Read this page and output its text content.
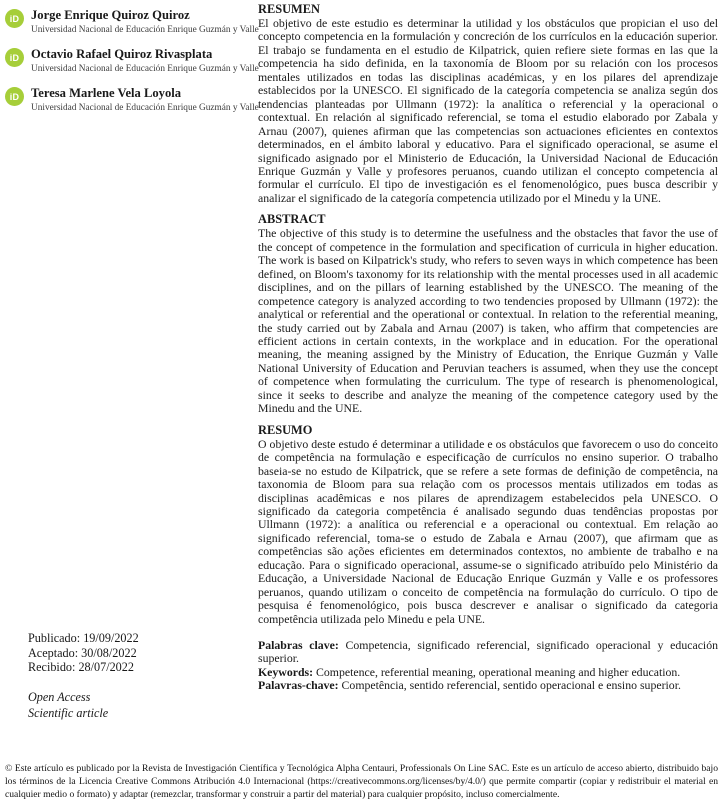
iD Jorge Enrique Quiroz Quiroz
Universidad Nacional de Educación Enrique Guzmán y Valle
iD Octavio Rafael Quiroz Rivasplata
Universidad Nacional de Educación Enrique Guzmán y Valle
iD Teresa Marlene Vela Loyola
Universidad Nacional de Educación Enrique Guzmán y Valle
Publicado: 19/09/2022
Aceptado: 30/08/2022
Recibido: 28/07/2022
Open Access
Scientific article
RESUMEN

El objetivo de este estudio es determinar la utilidad y los obstáculos que propician el uso del concepto competencia en la formulación y concreción de los currículos en la educación superior. El trabajo se fundamenta en el estudio de Kilpatrick, quien refiere siete formas en las que la competencia ha sido definida, en la taxonomía de Bloom por su relación con los procesos mentales utilizados en todas las disciplinas académicas, y en los pilares del aprendizaje establecidos por la UNESCO. El significado de la categoría competencia se analiza según dos tendencias planteadas por Ullmann (1972): la analítica o referencial y la operacional o contextual. En relación al significado referencial, se toma el estudio elaborado por Zabala y Arnau (2007), quienes afirman que las competencias son actuaciones eficientes en contextos determinados, en el ámbito laboral y educativo. Para el significado operacional, se asume el significado asignado por el Ministerio de Educación, la Universidad Nacional de Educación Enrique Guzmán y Valle y profesores peruanos, cuando utilizan el concepto competencia al formular el currículo. El tipo de investigación es el fenomenológico, pues busca describir y analizar el significado de la categoría competencia utilizado por el Minedu y la UNE.

ABSTRACT

The objective of this study is to determine the usefulness and the obstacles that favor the use of the concept of competence in the formulation and specification of curricula in higher education. The work is based on Kilpatrick's study, who refers to seven ways in which competence has been defined, on Bloom's taxonomy for its relationship with the mental processes used in all academic disciplines, and on the pillars of learning established by the UNESCO. The meaning of the competence category is analyzed according to two tendencies proposed by Ullmann (1972): the analytical or referential and the operational or contextual. In relation to the referential meaning, the study carried out by Zabala and Arnau (2007) is taken, who affirm that competencies are efficient actions in certain contexts, in the workplace and in education. For the operational meaning, the meaning assigned by the Ministry of Education, the Enrique Guzmán y Valle National University of Education and Peruvian teachers is assumed, when they use the concept of competence when formulating the curriculum. The type of research is phenomenological, since it seeks to describe and analyze the meaning of the competence category used by the Minedu and the UNE.

RESUMO

O objetivo deste estudo é determinar a utilidade e os obstáculos que favorecem o uso do conceito de competência na formulação e especificação de currículos no ensino superior. O trabalho baseia-se no estudo de Kilpatrick, que se refere a sete formas de definição de competência, na taxonomia de Bloom para sua relação com os processos mentais utilizados em todas as disciplinas acadêmicas e nos pilares de aprendizagem estabelecidos pela UNESCO. O significado da categoria competência é analisado segundo duas tendências propostas por Ullmann (1972): a analítica ou referencial e a operacional ou contextual. Em relação ao significado referencial, toma-se o estudo de Zabala e Arnau (2007), que afirmam que as competências são ações eficientes em determinados contextos, no ambiente de trabalho e na educação. Para o significado operacional, assume-se o significado atribuído pelo Ministério da Educação, a Universidade Nacional de Educação Enrique Guzmán y Valle e os professores peruanos, quando utilizam o conceito de competência na formulação do currículo. O tipo de pesquisa é fenomenológico, pois busca descrever e analisar o significado da categoria competência utilizada pelo Minedu e pela UNE.

Palabras clave: Competencia, significado referencial, significado operacional y educación superior.

Keywords: Competence, referential meaning, operational meaning and higher education.

Palavras-chave: Competência, sentido referencial, sentido operacional e ensino superior.

© Este artículo es publicado por la Revista de Investigación Científica y Tecnológica Alpha Centauri, Professionals On Line SAC. Este es un artículo de acceso abierto, distribuido bajo los términos de la Licencia Creative Commons Atribución 4.0 Internacional (https://creativecommons.org/licenses/by/4.0/) que permite compartir (copiar y redistribuir el material en cualquier medio o formato) y adaptar (remezclar, transformar y construir a partir del material) para cualquier propósito, incluso comercialmente.
